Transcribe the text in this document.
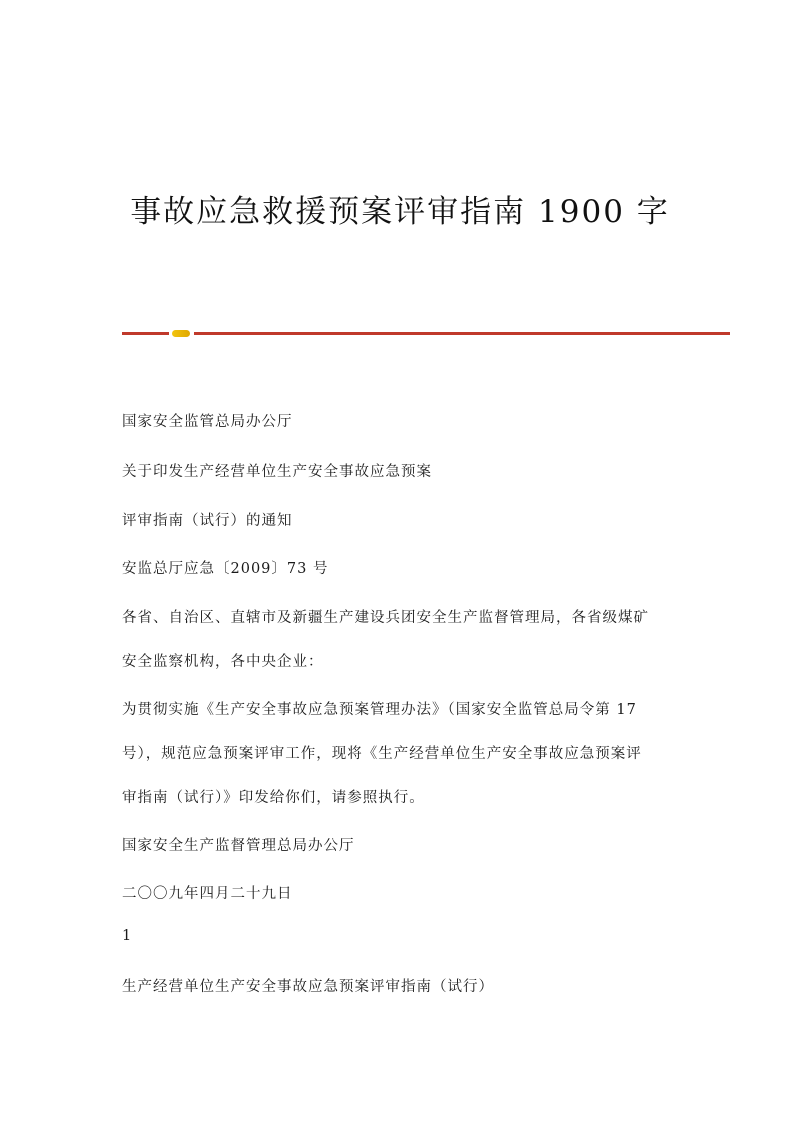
事故应急救援预案评审指南 1900 字

国家安全监管总局办公厅

关于印发生产经营单位生产安全事故应急预案

评审指南（试行）的通知

安监总厅应急〔2009〕73 号

各省、自治区、直辖市及新疆生产建设兵团安全生产监督管理局，各省级煤矿

安全监察机构，各中央企业：

为贯彻实施《生产安全事故应急预案管理办法》（国家安全监管总局令第 17

号），规范应急预案评审工作，现将《生产经营单位生产安全事故应急预案评

审指南（试行）》印发给你们，请参照执行。

国家安全生产监督管理总局办公厅

二〇〇九年四月二十九日

1

生产经营单位生产安全事故应急预案评审指南（试行）
